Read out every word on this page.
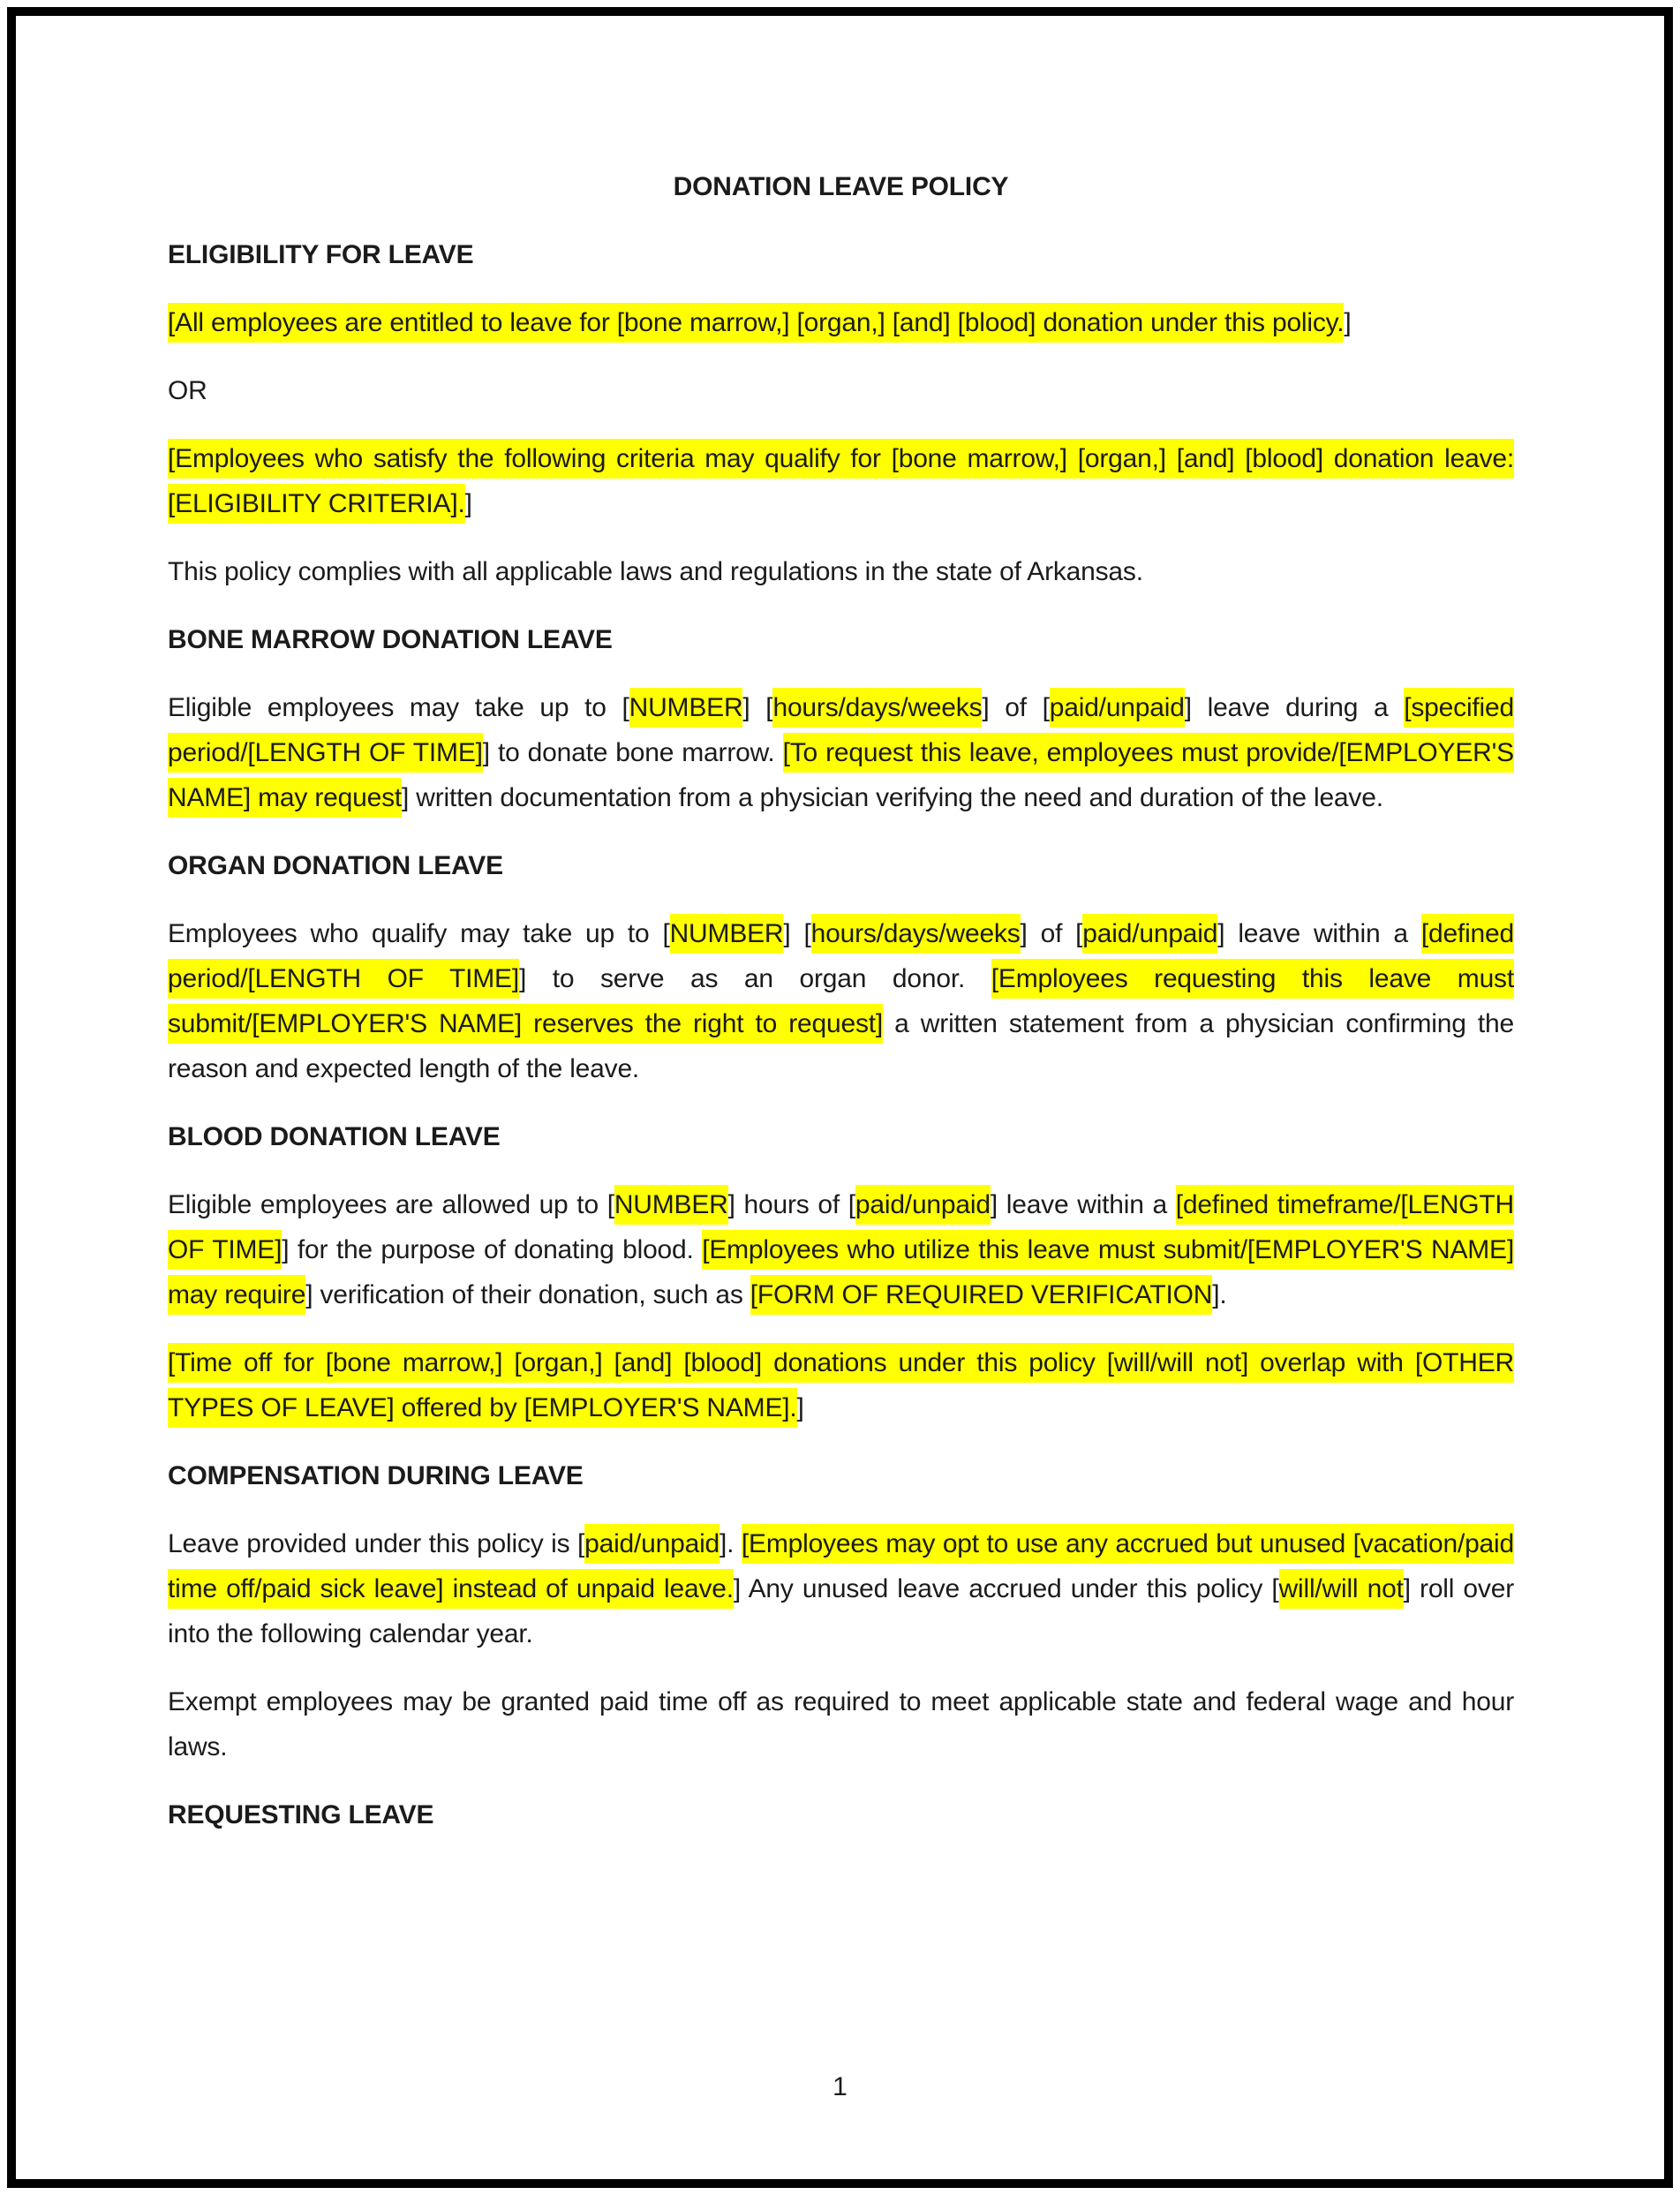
DONATION LEAVE POLICY
ELIGIBILITY FOR LEAVE

[All employees are entitled to leave for [bone marrow,] [organ,] [and] [blood] donation under this policy.]

OR

[Employees who satisfy the following criteria may qualify for [bone marrow,] [organ,] [and] [blood] donation leave: [ELIGIBILITY CRITERIA].]

This policy complies with all applicable laws and regulations in the state of Arkansas.

BONE MARROW DONATION LEAVE

Eligible employees may take up to [NUMBER] [hours/days/weeks] of [paid/unpaid] leave during a [specified period/[LENGTH OF TIME]] to donate bone marrow. [To request this leave, employees must provide/[EMPLOYER'S NAME] may request] written documentation from a physician verifying the need and duration of the leave.

ORGAN DONATION LEAVE

Employees who qualify may take up to [NUMBER] [hours/days/weeks] of [paid/unpaid] leave within a [defined period/[LENGTH OF TIME]] to serve as an organ donor. [Employees requesting this leave must submit/[EMPLOYER'S NAME] reserves the right to request] a written statement from a physician confirming the reason and expected length of the leave.

BLOOD DONATION LEAVE

Eligible employees are allowed up to [NUMBER] hours of [paid/unpaid] leave within a [defined timeframe/[LENGTH OF TIME]] for the purpose of donating blood. [Employees who utilize this leave must submit/[EMPLOYER'S NAME] may require] verification of their donation, such as [FORM OF REQUIRED VERIFICATION].

[Time off for [bone marrow,] [organ,] [and] [blood] donations under this policy [will/will not] overlap with [OTHER TYPES OF LEAVE] offered by [EMPLOYER'S NAME].]

COMPENSATION DURING LEAVE

Leave provided under this policy is [paid/unpaid]. [Employees may opt to use any accrued but unused [vacation/paid time off/paid sick leave] instead of unpaid leave.] Any unused leave accrued under this policy [will/will not] roll over into the following calendar year.

Exempt employees may be granted paid time off as required to meet applicable state and federal wage and hour laws.

REQUESTING LEAVE
1
